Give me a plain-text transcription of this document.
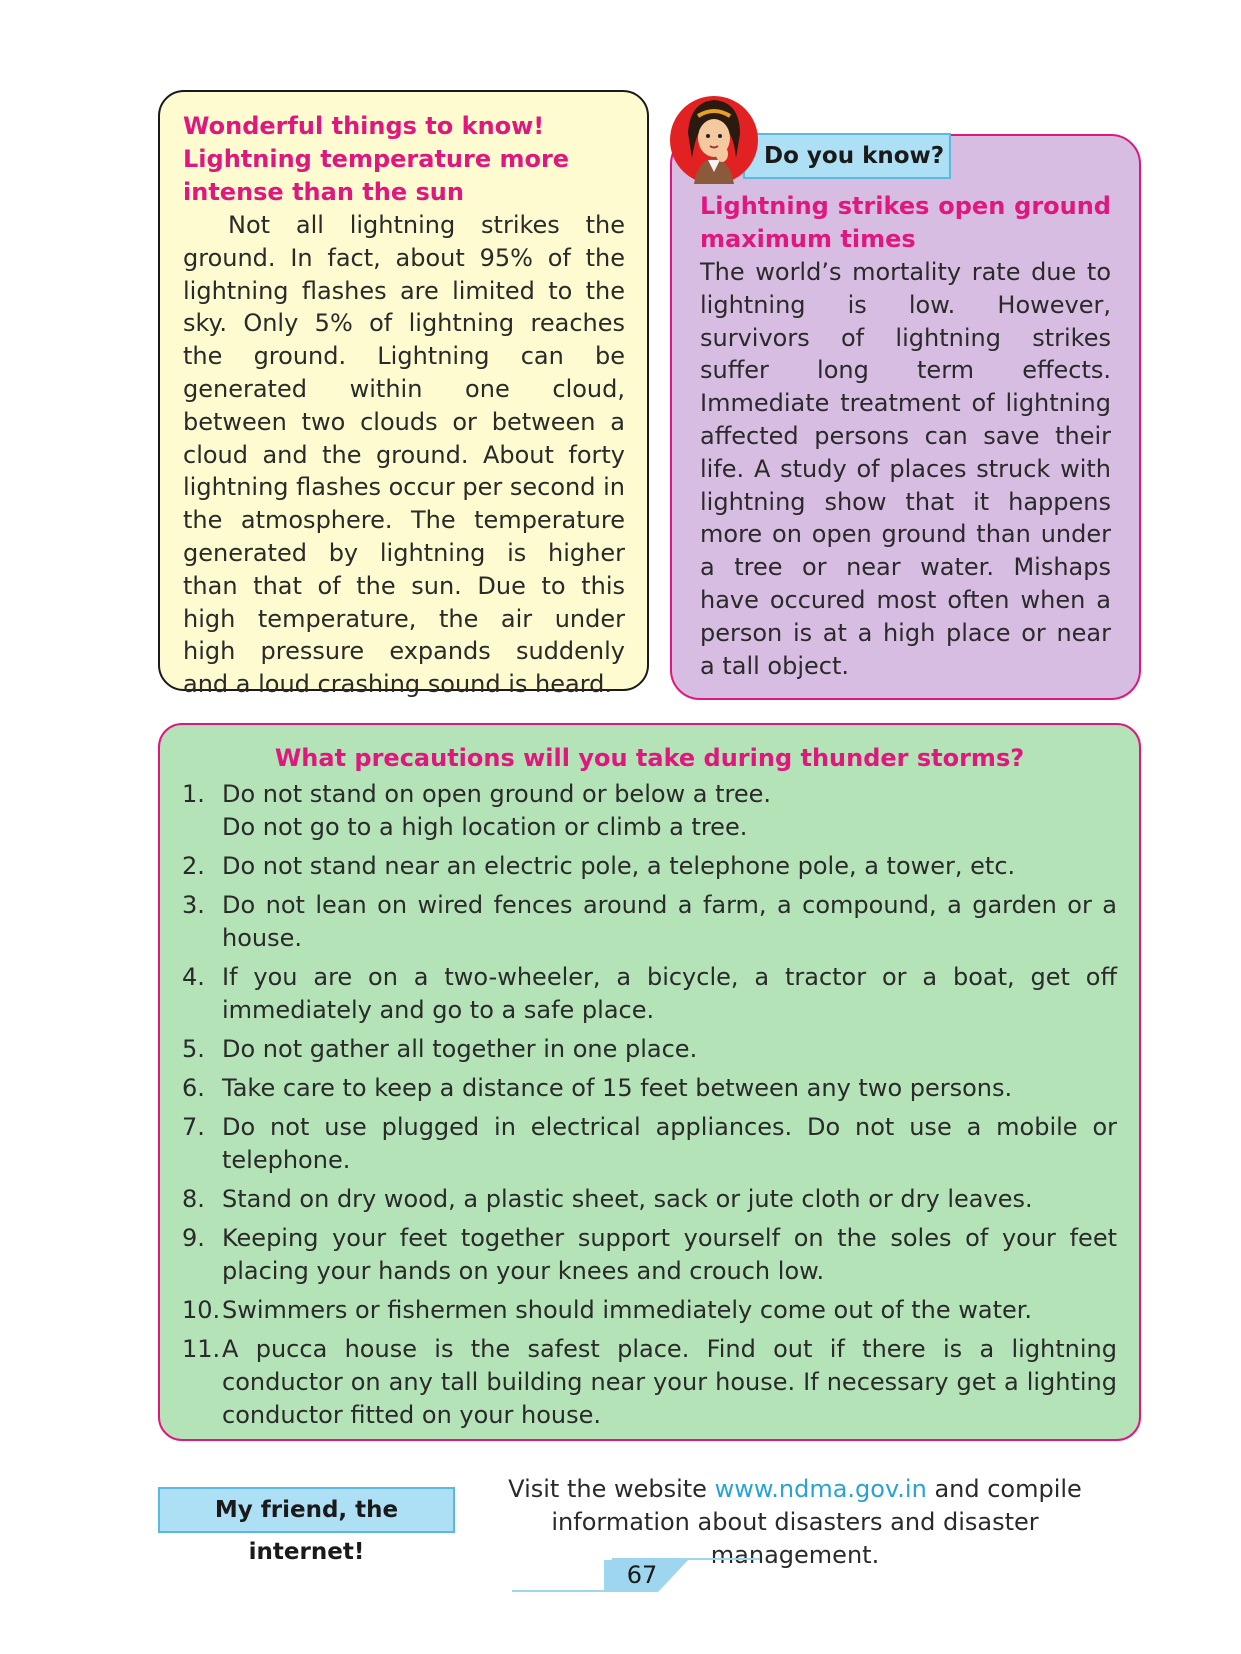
Wonderful things to know!
Lightning temperature more intense than the sun
Not all lightning strikes the ground. In fact, about 95% of the lightning flashes are limited to the sky. Only 5% of lightning reaches the ground. Lightning can be generated within one cloud, between two clouds or between a cloud and the ground. About forty lightning flashes occur per second in the atmosphere. The temperature generated by lightning is higher than that of the sun. Due to this high temperature, the air under high pressure expands suddenly and a loud crashing sound is heard.
Lightning strikes open ground maximum times
The world’s mortality rate due to lightning is low. However, survivors of lightning strikes suffer long term effects. Immediate treatment of lightning affected persons can save their life. A study of places struck with lightning show that it happens more on open ground than under a tree or near water. Mishaps have occured most often when a person is at a high place or near a tall object.
Do you know?
What precautions will you take during thunder storms?
1. Do not stand on open ground or below a tree.
Do not go to a high location or climb a tree.
2. Do not stand near an electric pole, a telephone pole, a tower, etc.
3. Do not lean on wired fences around a farm, a compound, a garden or a house.
4. If you are on a two-wheeler, a bicycle, a tractor or a boat, get off immediately and go to a safe place.
5. Do not gather all together in one place.
6. Take care to keep a distance of 15 feet between any two persons.
7. Do not use plugged in electrical appliances. Do not use a mobile or telephone.
8. Stand on dry wood, a plastic sheet, sack or jute cloth or dry leaves.
9. Keeping your feet together support yourself on the soles of your feet placing your hands on your knees and crouch low.
10. Swimmers or fishermen should immediately come out of the water.
11. A pucca house is the safest place. Find out if there is a lightning conductor on any tall building near your house. If necessary get a lighting conductor fitted on your house.
My friend, the internet!
Visit the website www.ndma.gov.in and compile information about disasters and disaster management.
67
